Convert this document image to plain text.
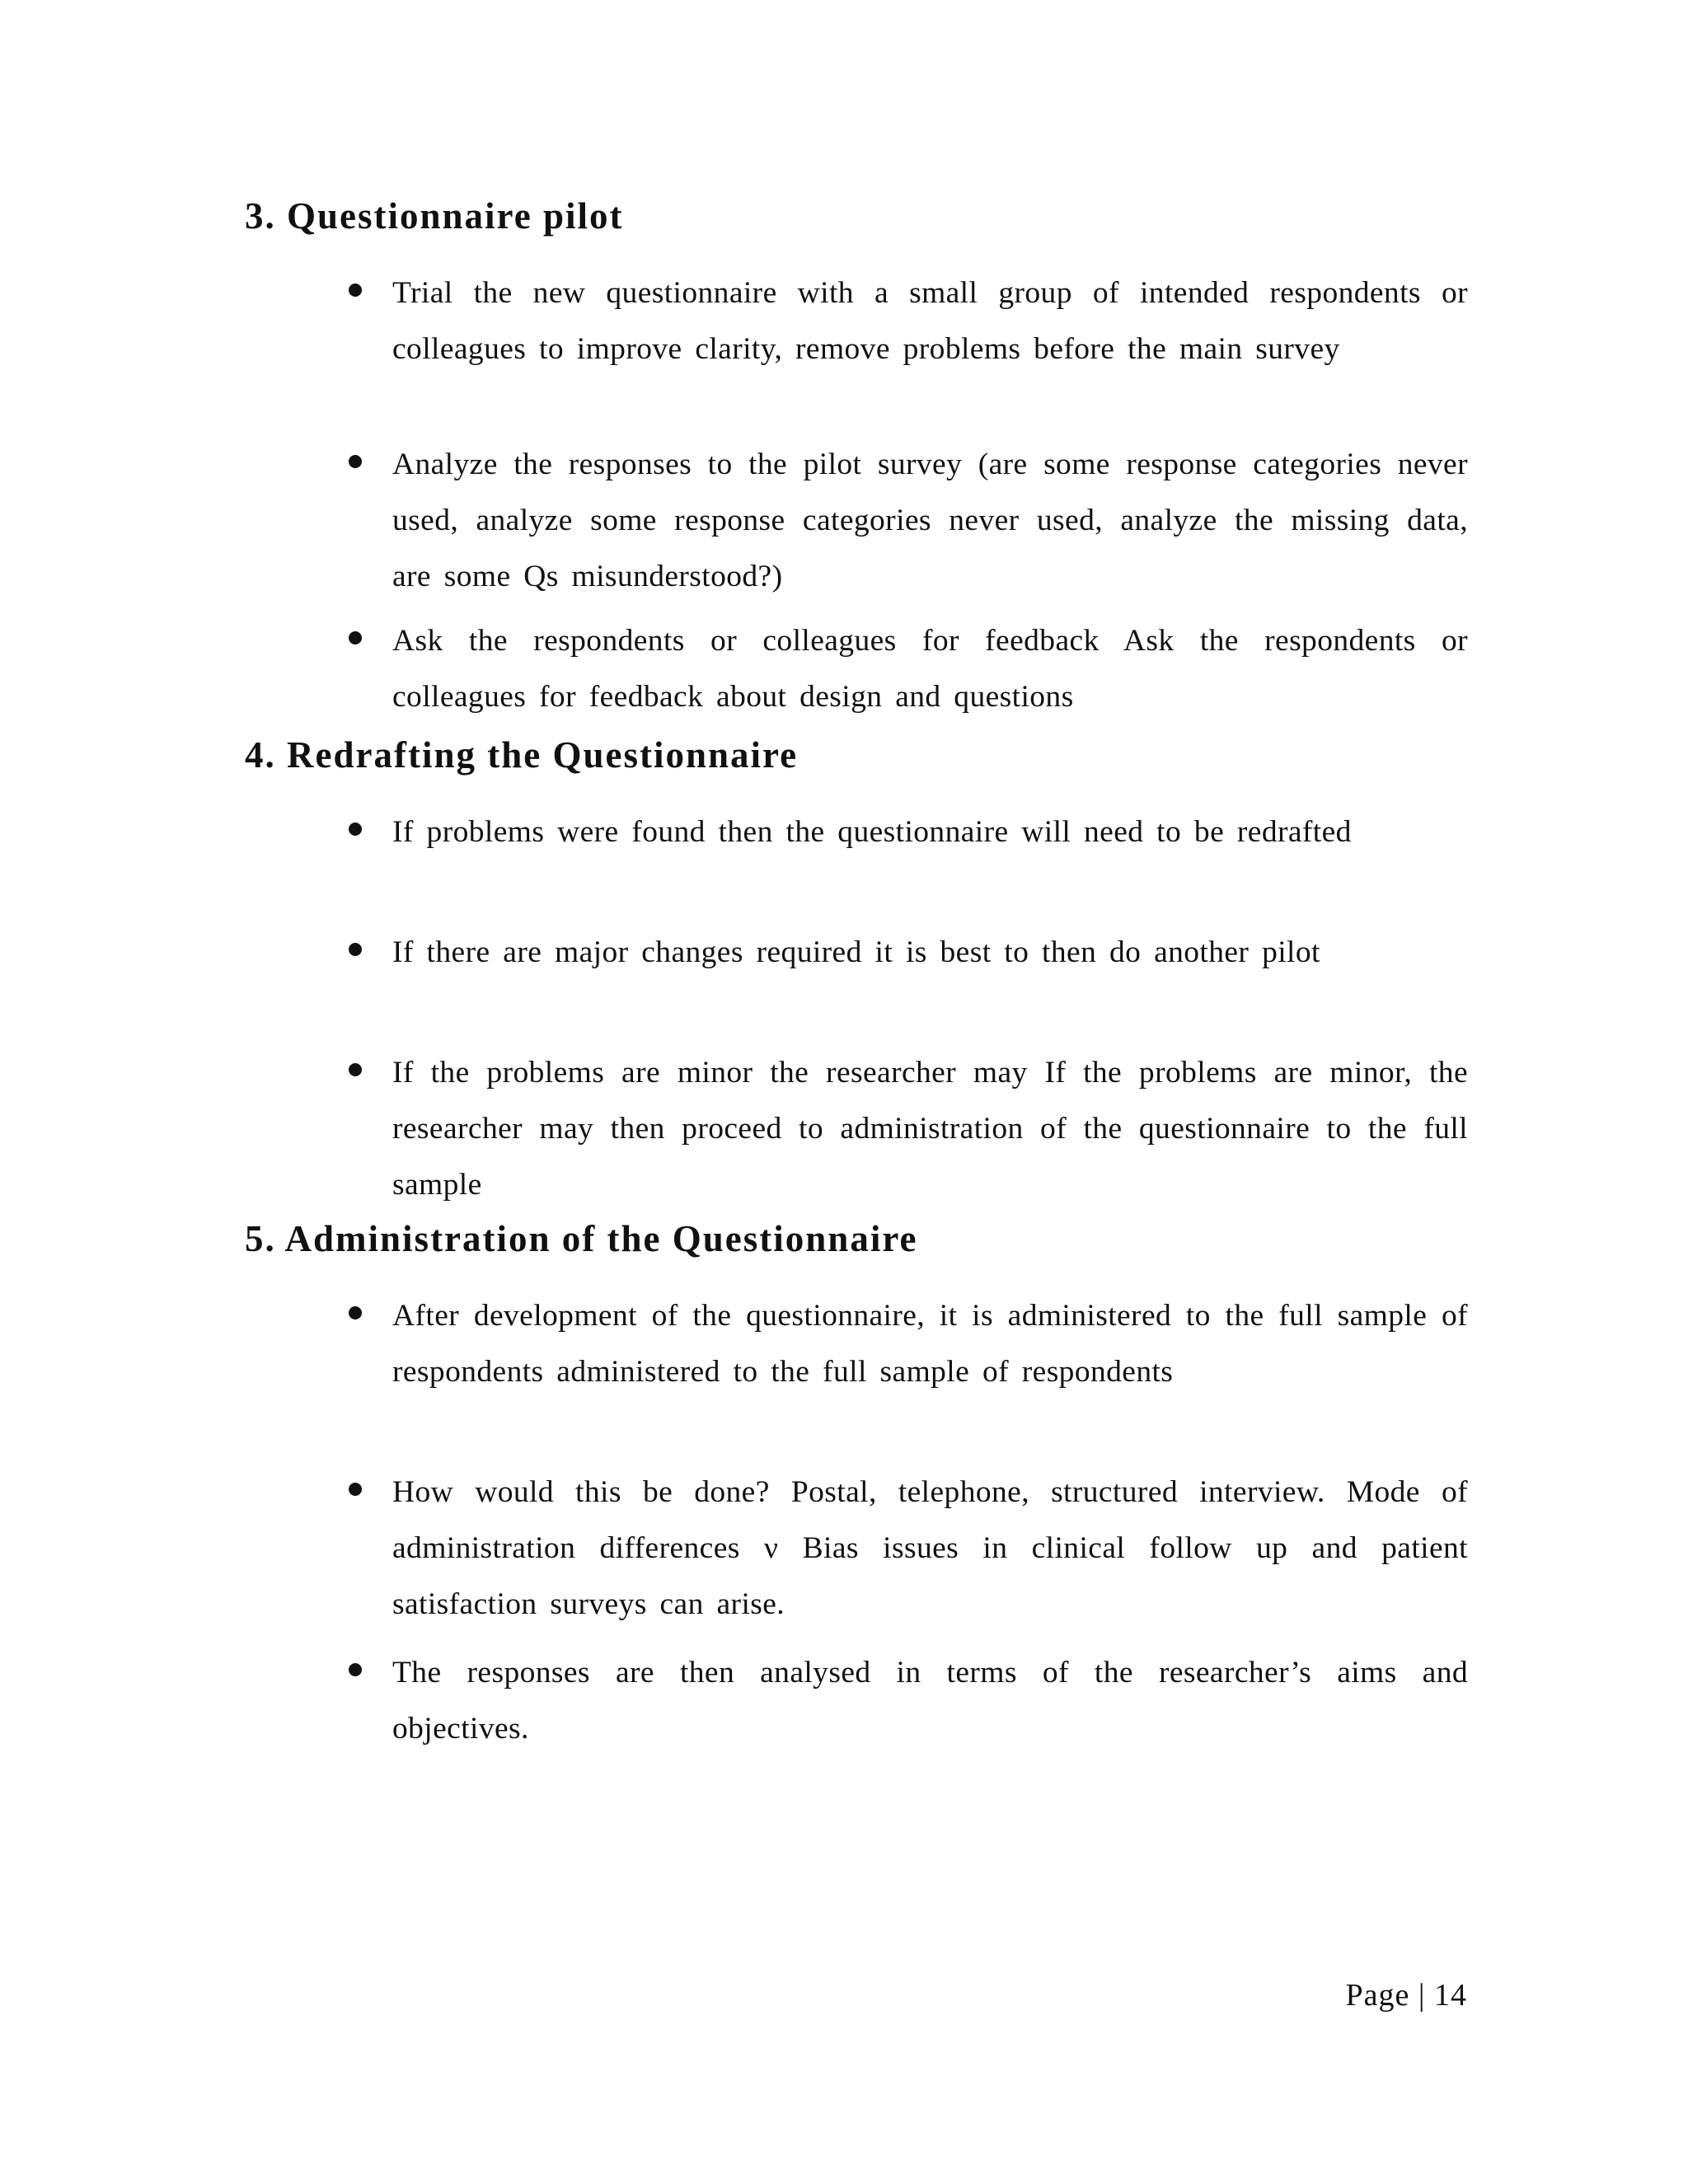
3. Questionnaire pilot
Trial the new questionnaire with a small group of intended respondents or colleagues to improve clarity, remove problems before the main survey
Analyze the responses to the pilot survey (are some response categories never used, analyze some response categories never used, analyze the missing data, are some Qs misunderstood?)
Ask the respondents or colleagues for feedback Ask the respondents or colleagues for feedback about design and questions
4. Redrafting the Questionnaire
If problems were found then the questionnaire will need to be redrafted
If there are major changes required it is best to then do another pilot
If the problems are minor the researcher may If the problems are minor, the researcher may then proceed to administration of the questionnaire to the full sample
5. Administration of the Questionnaire
After development of the questionnaire, it is administered to the full sample of respondents administered to the full sample of respondents
How would this be done? Postal, telephone, structured interview. Mode of administration differences ν Bias issues in clinical follow up and patient satisfaction surveys can arise.
The responses are then analysed in terms of the researcher’s aims and objectives.
Page | 14
